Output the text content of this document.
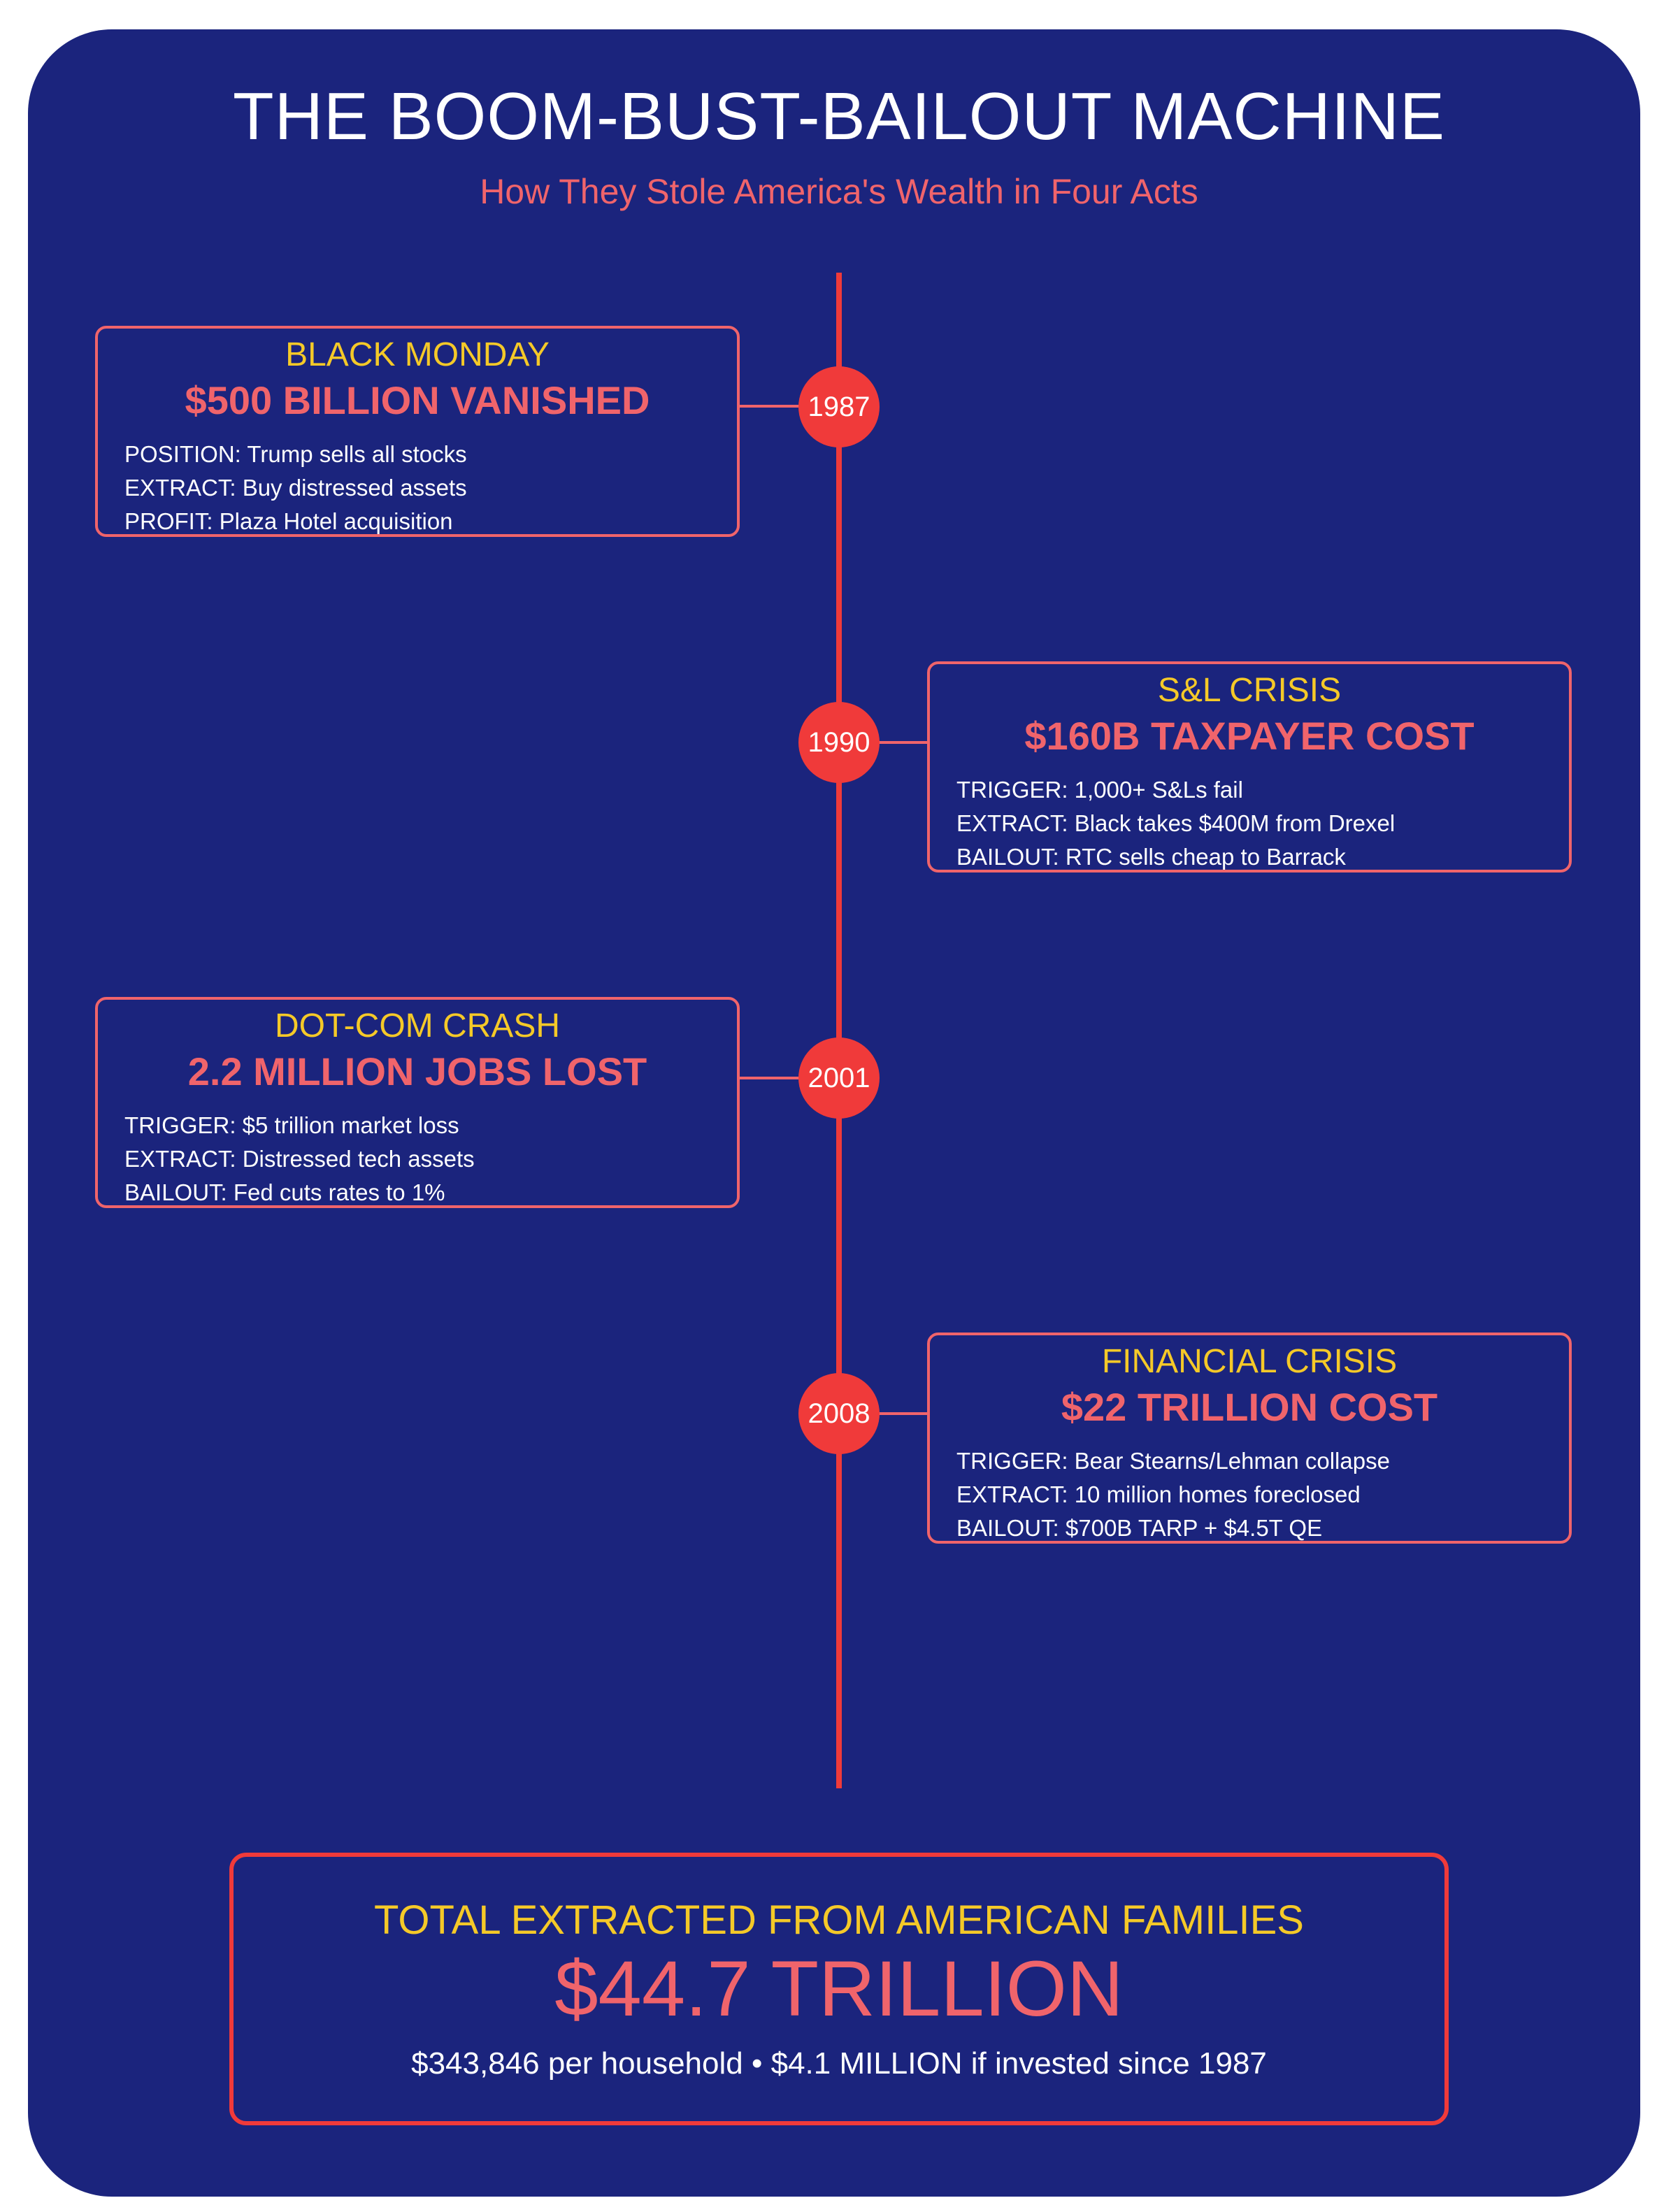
THE BOOM-BUST-BAILOUT MACHINE
How They Stole America's Wealth in Four Acts
BLACK MONDAY
$500 BILLION VANISHED
POSITION: Trump sells all stocks
EXTRACT: Buy distressed assets
PROFIT: Plaza Hotel acquisition
1987
S&L CRISIS
$160B TAXPAYER COST
TRIGGER: 1,000+ S&Ls fail
EXTRACT: Black takes $400M from Drexel
BAILOUT: RTC sells cheap to Barrack
1990
DOT-COM CRASH
2.2 MILLION JOBS LOST
TRIGGER: $5 trillion market loss
EXTRACT: Distressed tech assets
BAILOUT: Fed cuts rates to 1%
2001
FINANCIAL CRISIS
$22 TRILLION COST
TRIGGER: Bear Stearns/Lehman collapse
EXTRACT: 10 million homes foreclosed
BAILOUT: $700B TARP + $4.5T QE
2008
TOTAL EXTRACTED FROM AMERICAN FAMILIES
$44.7 TRILLION
$343,846 per household • $4.1 MILLION if invested since 1987
